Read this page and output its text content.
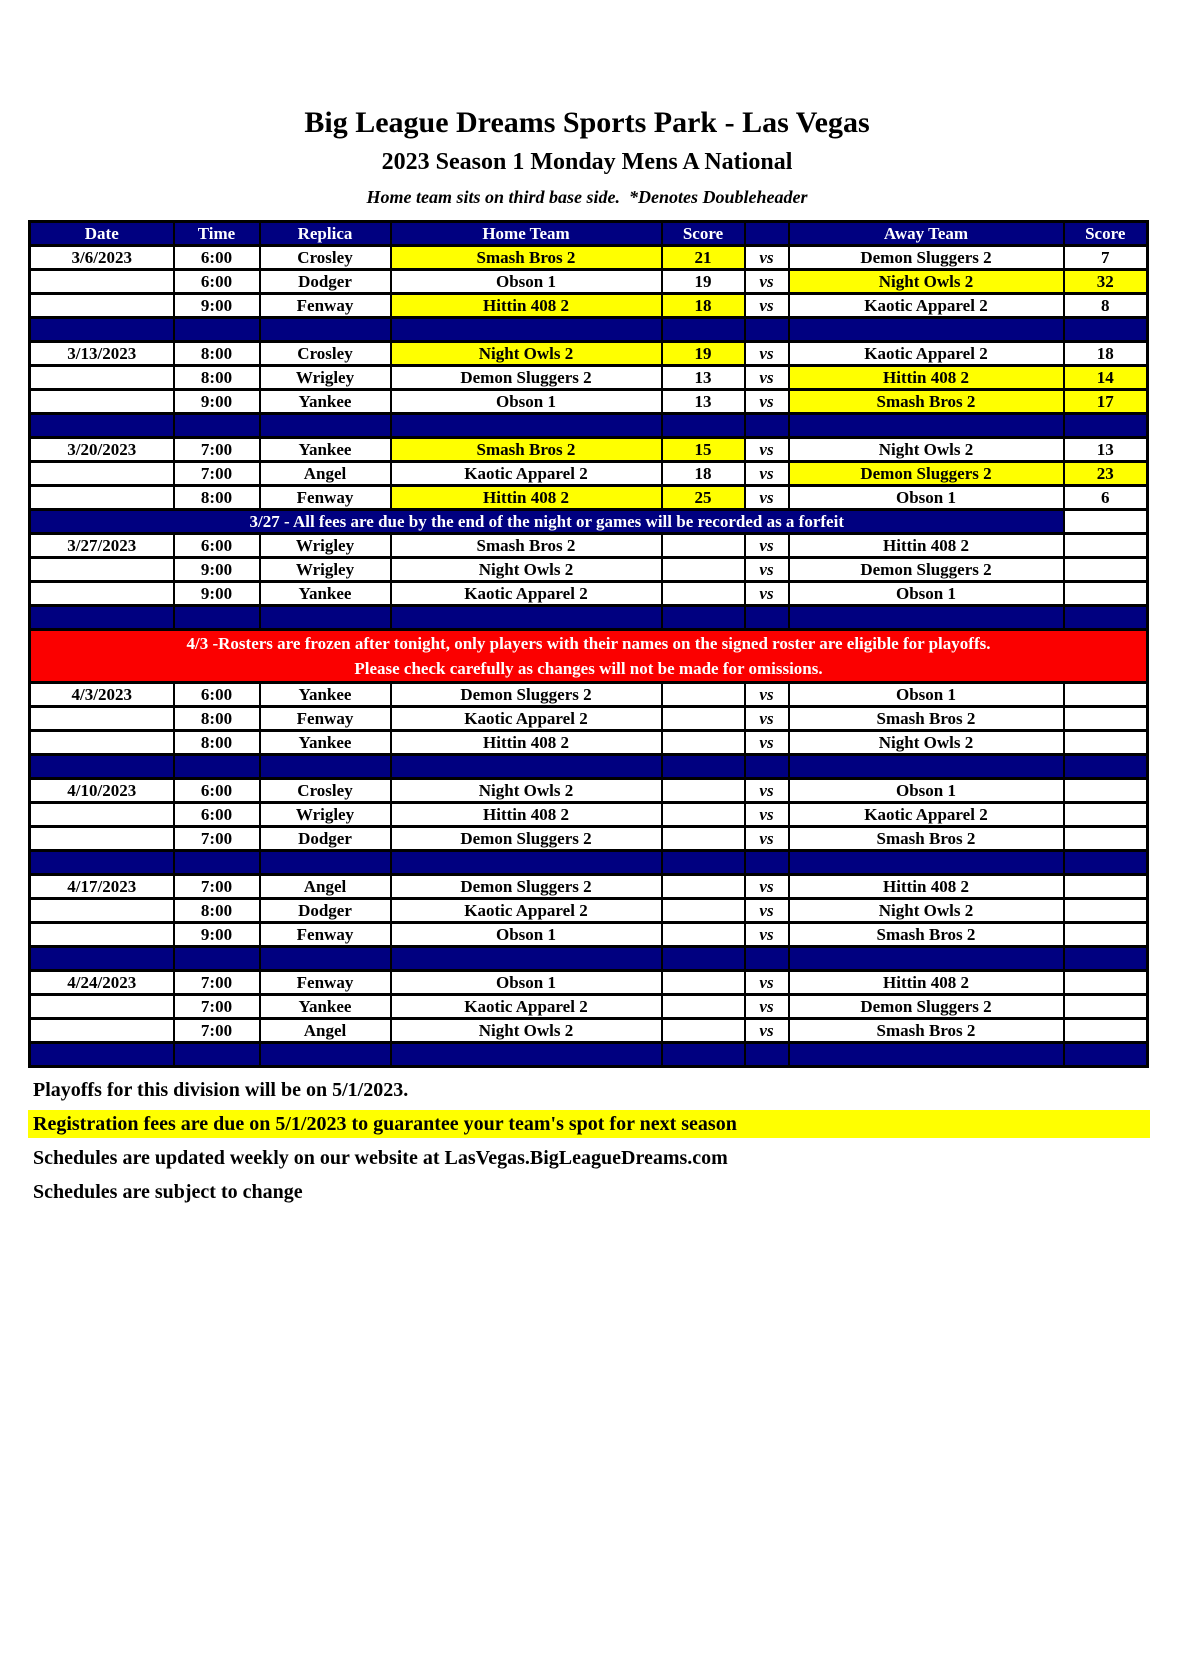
Big League Dreams Sports Park - Las Vegas
2023 Season 1 Monday Mens A National
Home team sits on third base side.  *Denotes Doubleheader
Date	Time	Replica	Home Team	Score		Away Team	Score
3/6/2023	6:00	Crosley	Smash Bros 2	21	vs	Demon Sluggers 2	7
	6:00	Dodger	Obson 1	19	vs	Night Owls 2	32
	9:00	Fenway	Hittin 408 2	18	vs	Kaotic Apparel 2	8

3/13/2023	8:00	Crosley	Night Owls 2	19	vs	Kaotic Apparel 2	18
	8:00	Wrigley	Demon Sluggers 2	13	vs	Hittin 408 2	14
	9:00	Yankee	Obson 1	13	vs	Smash Bros 2	17

3/20/2023	7:00	Yankee	Smash Bros 2	15	vs	Night Owls 2	13
	7:00	Angel	Kaotic Apparel 2	18	vs	Demon Sluggers 2	23
	8:00	Fenway	Hittin 408 2	25	vs	Obson 1	6
3/27 - All fees are due by the end of the night or games will be recorded as a forfeit							
3/27/2023	6:00	Wrigley	Smash Bros 2		vs	Hittin 408 2	
	9:00	Wrigley	Night Owls 2		vs	Demon Sluggers 2	
	9:00	Yankee	Kaotic Apparel 2		vs	Obson 1	

4/3 -Rosters are frozen after tonight, only players with their names on the signed roster are eligible for playoffs.
Please check carefully as changes will not be made for omissions.							

4/3/2023	6:00	Yankee	Demon Sluggers 2		vs	Obson 1	
	8:00	Fenway	Kaotic Apparel 2		vs	Smash Bros 2	
	8:00	Yankee	Hittin 408 2		vs	Night Owls 2	

4/10/2023	6:00	Crosley	Night Owls 2		vs	Obson 1	
	6:00	Wrigley	Hittin 408 2		vs	Kaotic Apparel 2	
	7:00	Dodger	Demon Sluggers 2		vs	Smash Bros 2	

4/17/2023	7:00	Angel	Demon Sluggers 2		vs	Hittin 408 2	
	8:00	Dodger	Kaotic Apparel 2		vs	Night Owls 2	
	9:00	Fenway	Obson 1		vs	Smash Bros 2	

4/24/2023	7:00	Fenway	Obson 1		vs	Hittin 408 2	
	7:00	Yankee	Kaotic Apparel 2		vs	Demon Sluggers 2	
	7:00	Angel	Night Owls 2		vs	Smash Bros 2	

Playoffs for this division will be on 5/1/2023.
Registration fees are due on 5/1/2023 to guarantee your team's spot for next season
Schedules are updated weekly on our website at LasVegas.BigLeagueDreams.com
Schedules are subject to change
